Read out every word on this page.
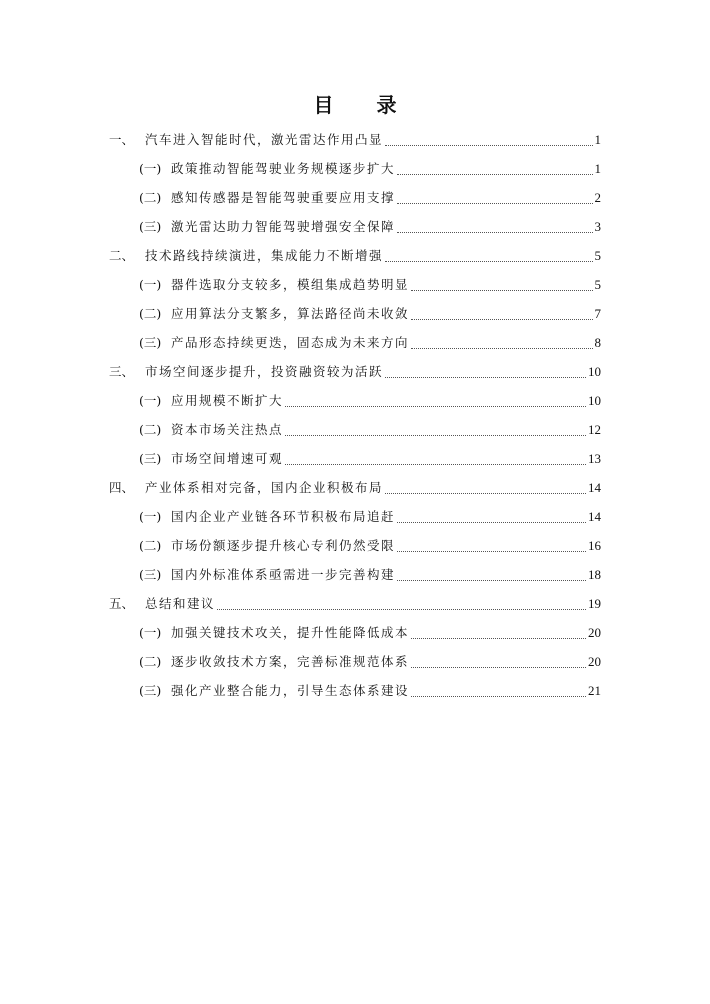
目 录
一、 汽车进入智能时代，激光雷达作用凸显	1
(一) 政策推动智能驾驶业务规模逐步扩大	1
(二) 感知传感器是智能驾驶重要应用支撑	2
(三) 激光雷达助力智能驾驶增强安全保障	3
二、 技术路线持续演进，集成能力不断增强	5
(一) 器件选取分支较多，模组集成趋势明显	5
(二) 应用算法分支繁多，算法路径尚未收敛	7
(三) 产品形态持续更迭，固态成为未来方向	8
三、 市场空间逐步提升，投资融资较为活跃	10
(一) 应用规模不断扩大	10
(二) 资本市场关注热点	12
(三) 市场空间增速可观	13
四、 产业体系相对完备，国内企业积极布局	14
(一) 国内企业产业链各环节积极布局追赶	14
(二) 市场份额逐步提升核心专利仍然受限	16
(三) 国内外标准体系亟需进一步完善构建	18
五、 总结和建议	19
(一) 加强关键技术攻关，提升性能降低成本	20
(二) 逐步收敛技术方案，完善标准规范体系	20
(三) 强化产业整合能力，引导生态体系建设	21
